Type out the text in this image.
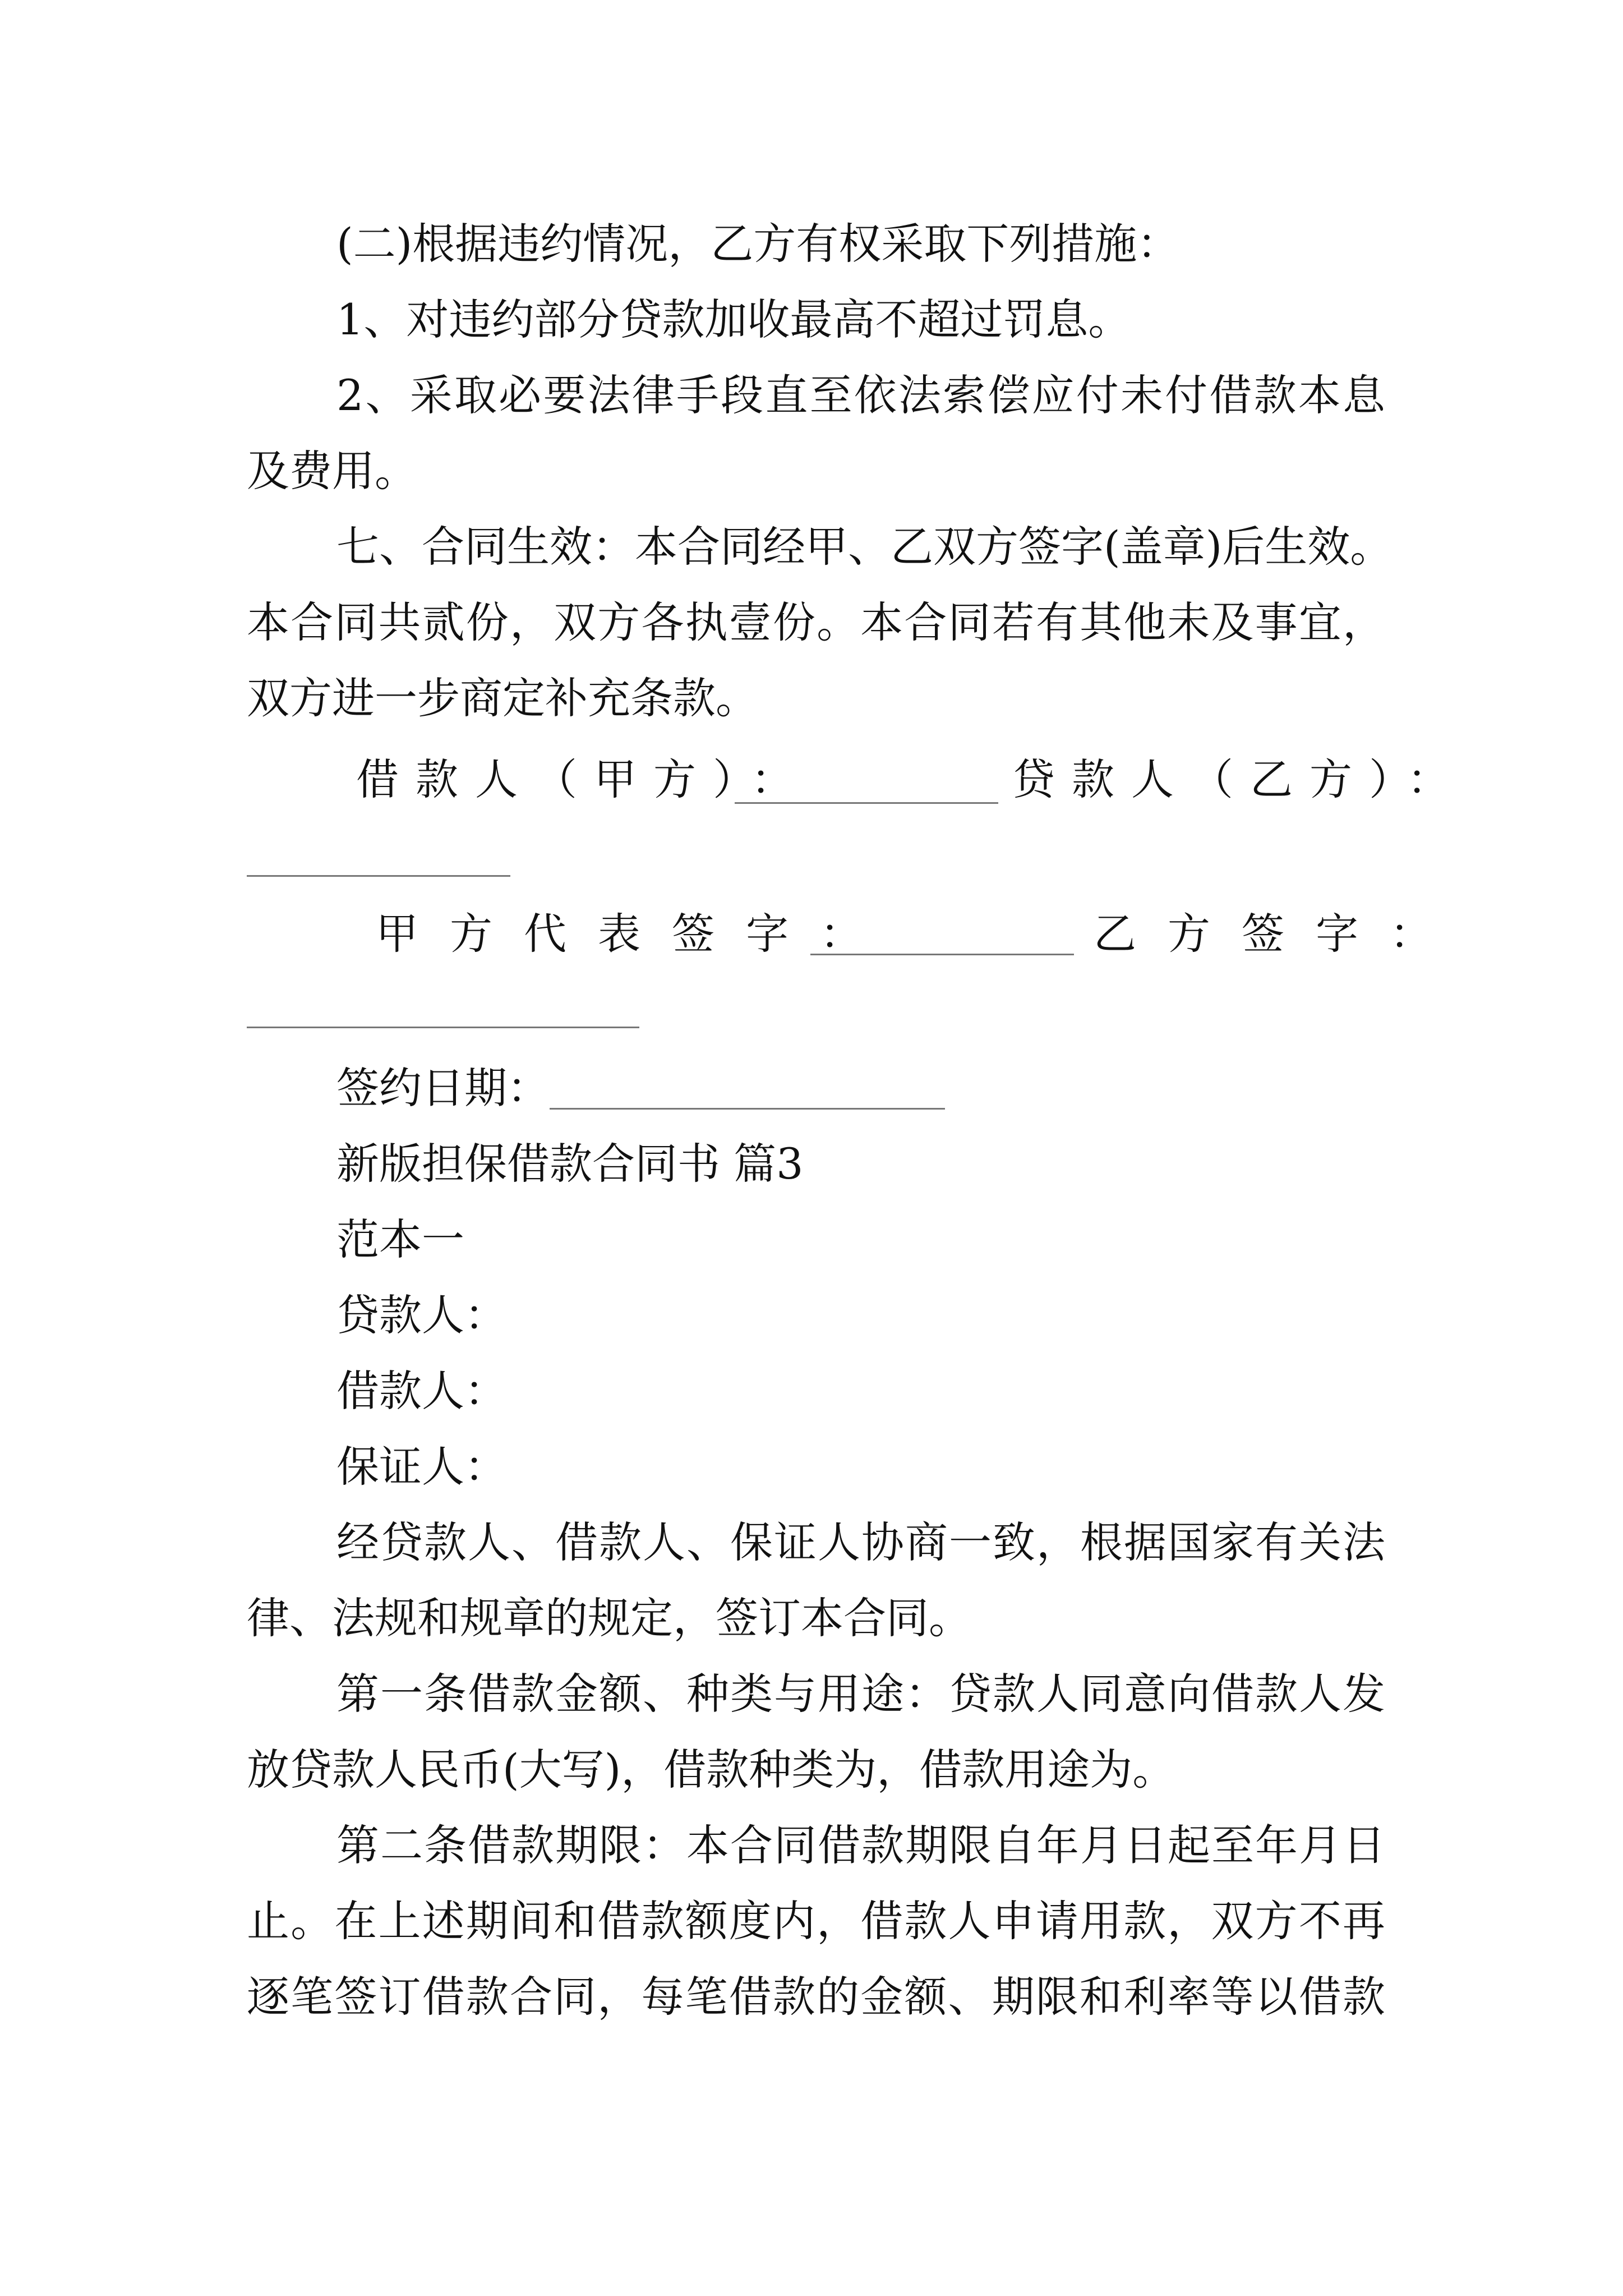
(二)根据违约情况，乙方有权采取下列措施：
1、对违约部分贷款加收最高不超过罚息。
2、采取必要法律手段直至依法索偿应付未付借款本息
及费用。
七、合同生效：本合同经甲、乙双方签字(盖章)后生效。
本合同共贰份，双方各执壹份。本合同若有其他未及事宜，
双方进一步商定补充条款。
借款人（甲方）：	贷款人（乙方）：
甲方代表签字：	乙方签字：
签约日期：
新版担保借款合同书 篇3
范本一
贷款人：
借款人：
保证人：
经贷款人、借款人、保证人协商一致，根据国家有关法
律、法规和规章的规定，签订本合同。
第一条借款金额、种类与用途：贷款人同意向借款人发
放贷款人民币(大写)，借款种类为，借款用途为。
第二条借款期限：本合同借款期限自年月日起至年月日
止。在上述期间和借款额度内，借款人申请用款，双方不再
逐笔签订借款合同，每笔借款的金额、期限和利率等以借款
